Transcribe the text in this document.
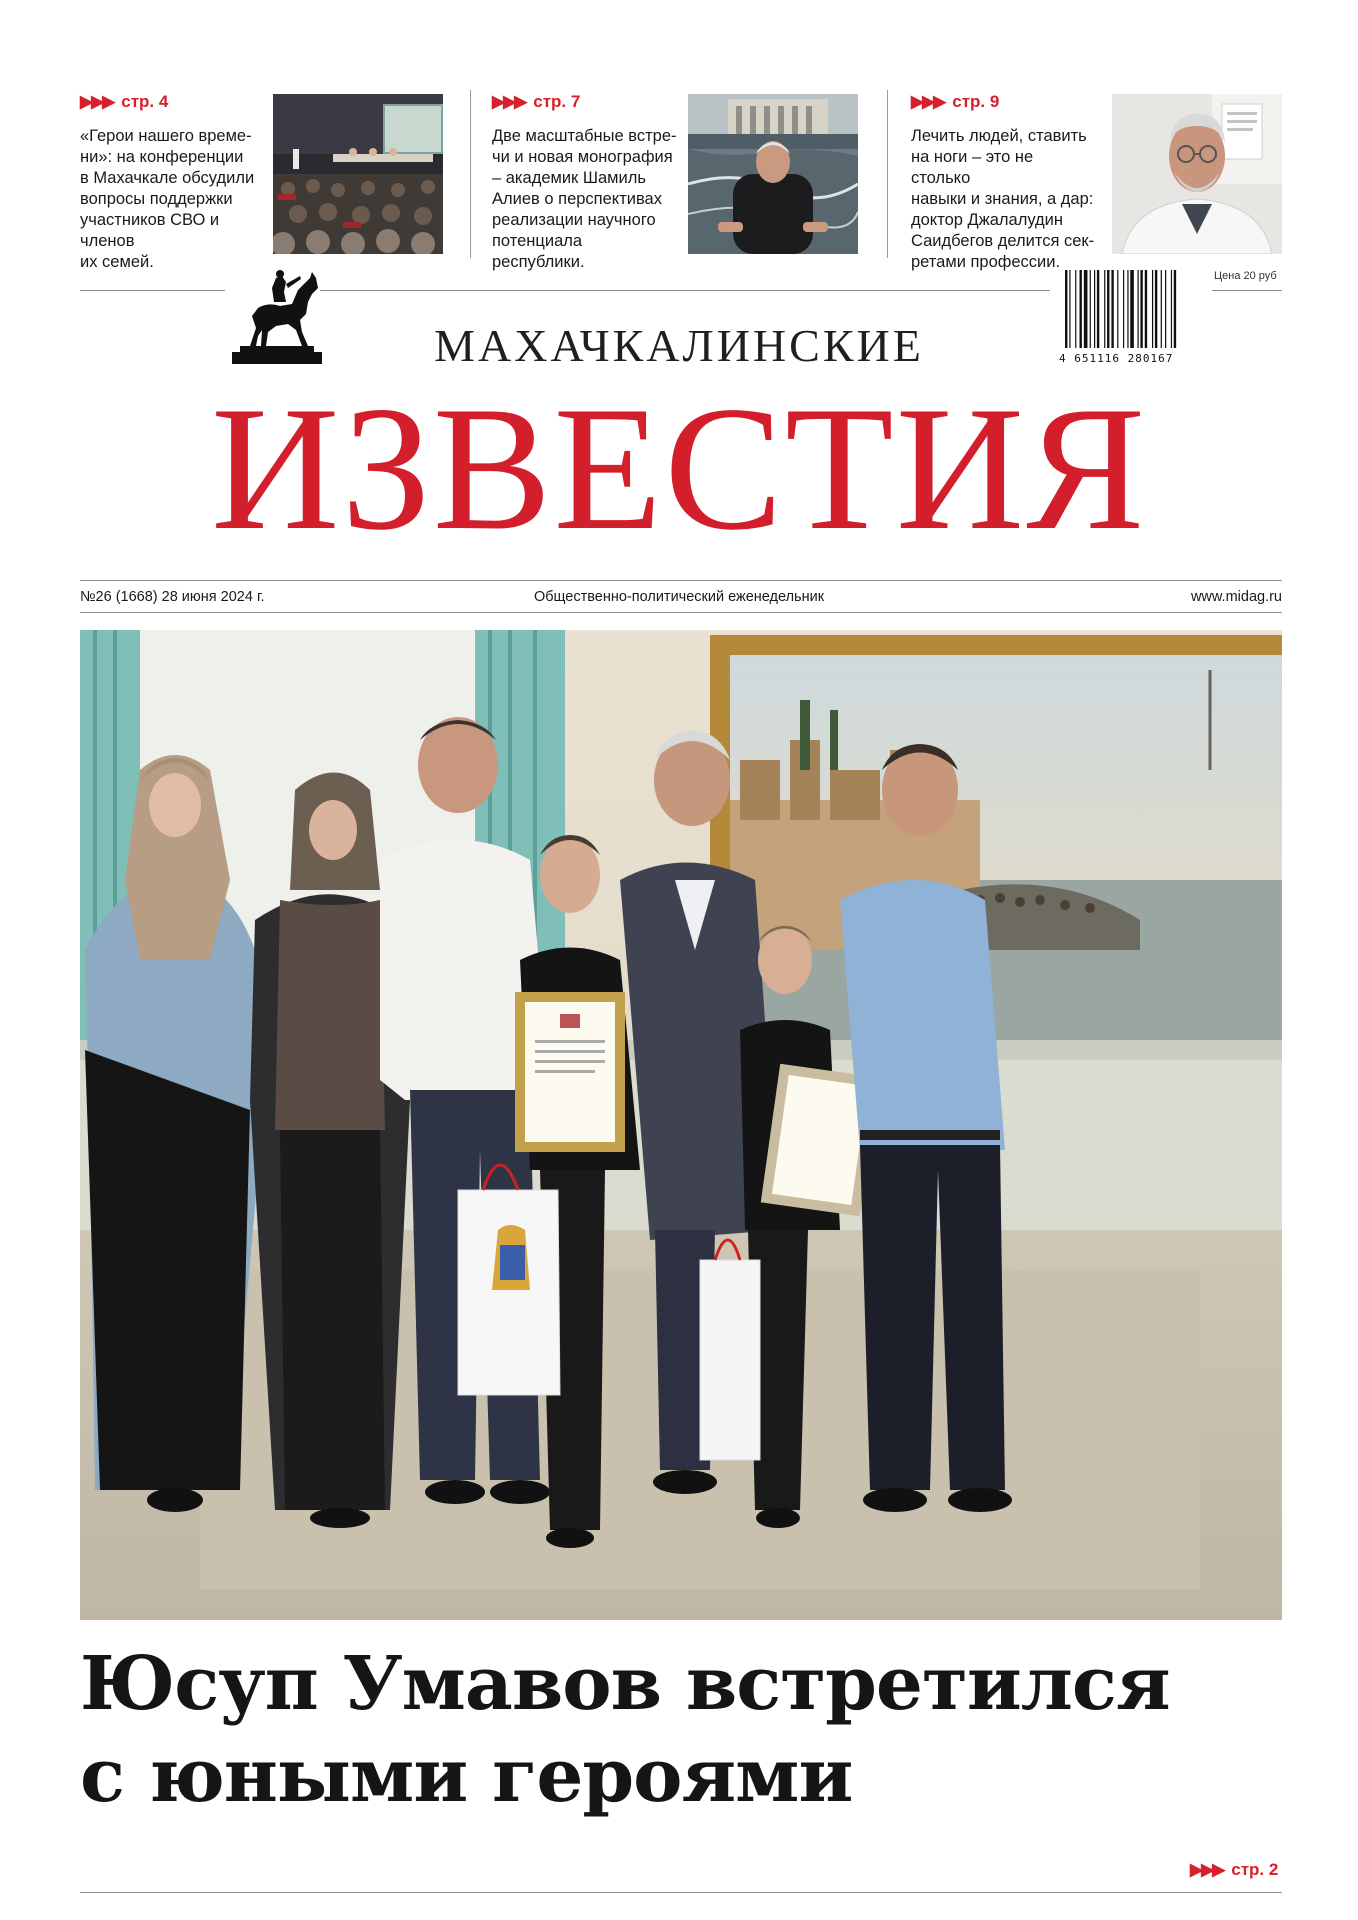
▶▶▶ стр. 4
«Герои нашего време-
ни»: на конференции
в Махачкале обсудили
вопросы поддержки
участников СВО и членов
их семей.
▶▶▶ стр. 7
Две масштабные встре-
чи и новая монография
– академик Шамиль
Алиев о перспективах
реализации научного
потенциала республики.
▶▶▶ стр. 9
Лечить людей, ставить
на ноги – это не столько
навыки и знания, а дар:
доктор Джалалудин
Саидбегов делится сек-
ретами профессии.
МАХАЧКАЛИНСКИЕ
ИЗВЕСТИЯ
4 651116 280167
Цена 20 руб
№26 (1668) 28 июня 2024 г.	Общественно-политический еженедельник	www.midag.ru
Юсуп Умавов встретился
с юными героями
▶▶▶ стр. 2
